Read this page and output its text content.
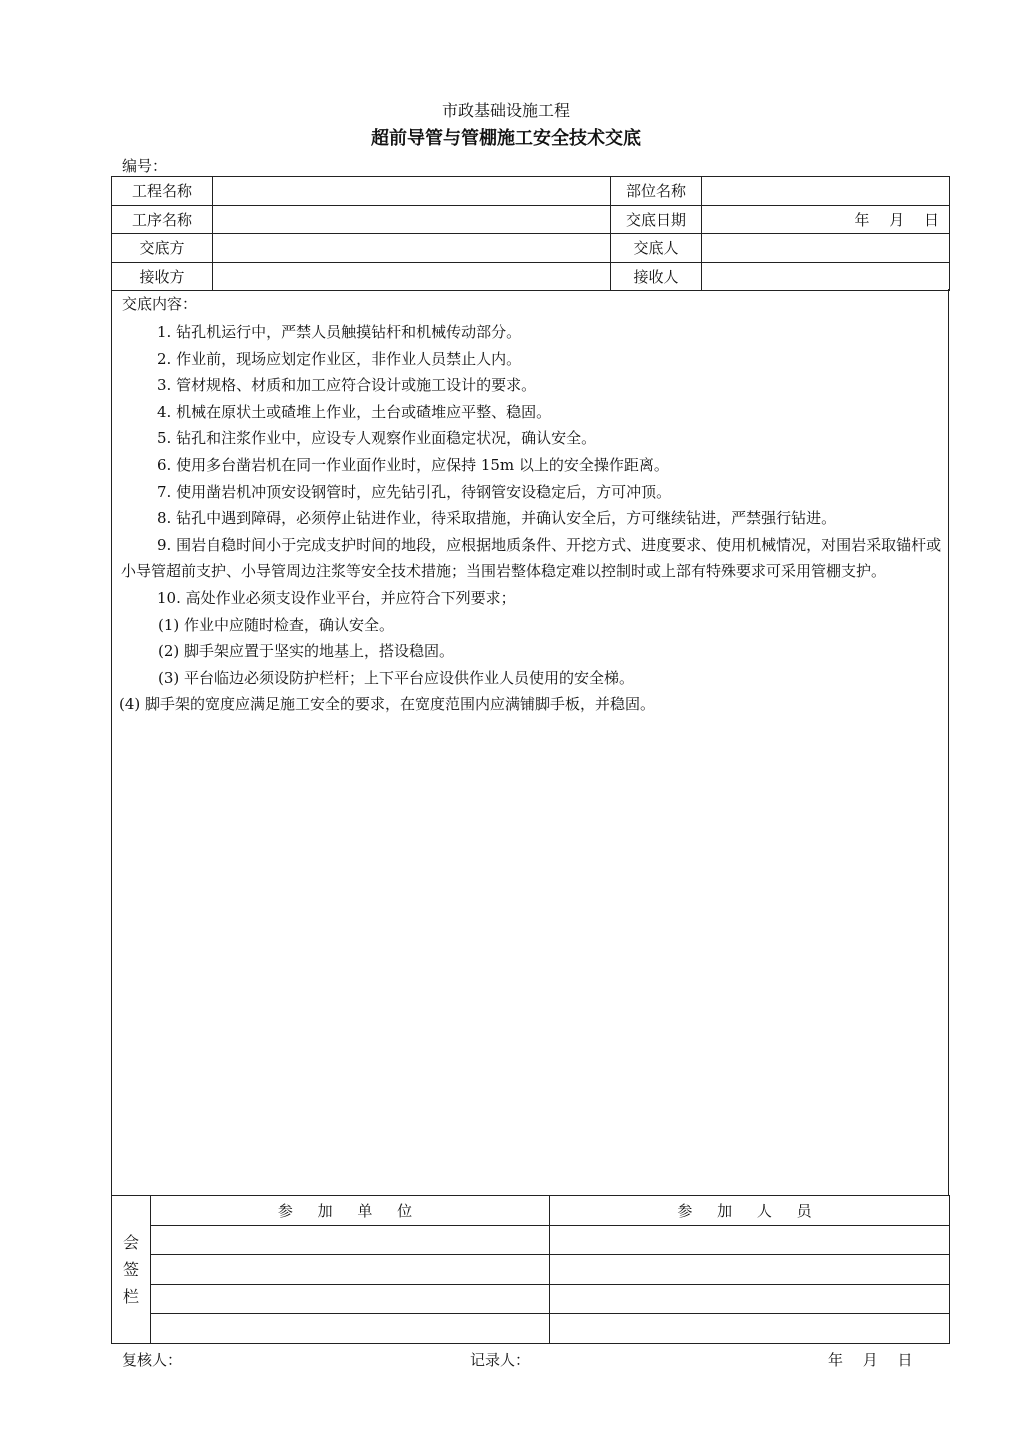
市政基础设施工程
超前导管与管棚施工安全技术交底
编号：
工程名称		部位名称	
工序名称		交底日期	年　 月　 日
交底方		交底人	
接收方		接收人	
交底内容：

1. 钻孔机运行中，严禁人员触摸钻杆和机械传动部分。

2. 作业前，现场应划定作业区，非作业人员禁止人内。

3. 管材规格、材质和加工应符合设计或施工设计的要求。

4. 机械在原状土或碴堆上作业，土台或碴堆应平整、稳固。

5. 钻孔和注浆作业中，应设专人观察作业面稳定状况，确认安全。

6. 使用多台凿岩机在同一作业面作业时，应保持 15m 以上的安全操作距离。

7. 使用凿岩机冲顶安设钢管时，应先钻引孔，待钢管安设稳定后，方可冲顶。

8. 钻孔中遇到障碍，必须停止钻进作业，待采取措施，并确认安全后，方可继续钻进，严禁强行钻进。

9. 围岩自稳时间小于完成支护时间的地段，应根据地质条件、开挖方式、进度要求、使用机械情况，对围岩采取锚杆或小导管超前支护、小导管周边注浆等安全技术措施；当围岩整体稳定难以控制时或上部有特殊要求可采用管棚支护。

10. 高处作业必须支设作业平台，并应符合下列要求；

(1) 作业中应随时检查，确认安全。

(2) 脚手架应置于坚实的地基上，搭设稳固。

(3) 平台临边必须设防护栏杆；上下平台应设供作业人员使用的安全梯。

(4) 脚手架的宽度应满足施工安全的要求，在宽度范围内应满铺脚手板，并稳固。

会
签
栏	参 加 单 位	参 加 人 员

复核人：	记录人：	年　 月　 日
